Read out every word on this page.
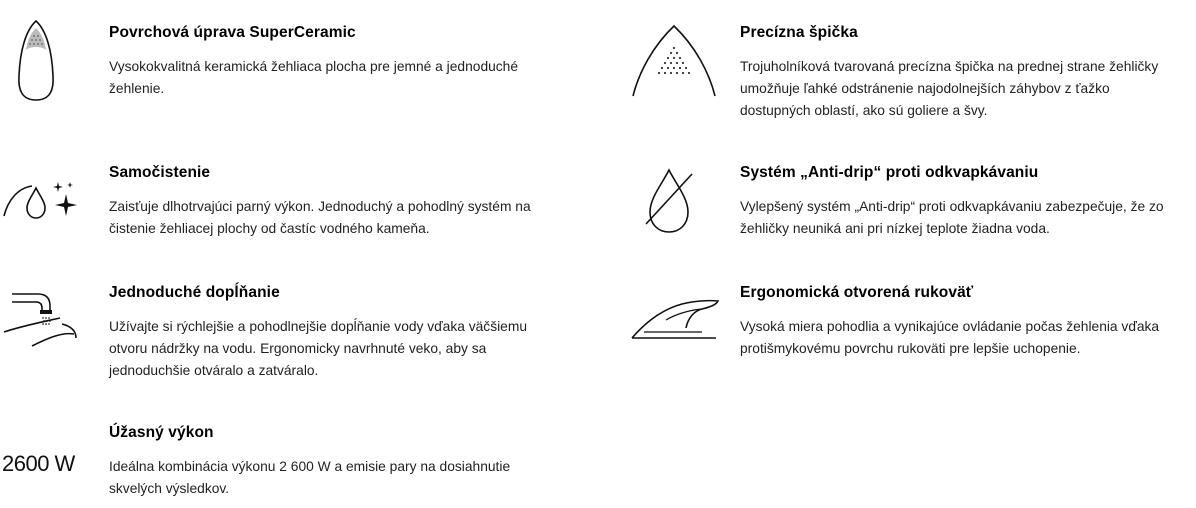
Povrchová úprava SuperCeramic
Vysokokvalitná keramická žehliaca plocha pre jemné a jednoduché
žehlenie.
Precízna špička
Trojuholníková tvarovaná precízna špička na prednej strane žehličky
umožňuje ľahké odstránenie najodolnejších záhybov z ťažko
dostupných oblastí, ako sú goliere a švy.
Samočistenie
Zaisťuje dlhotrvajúci parný výkon. Jednoduchý a pohodlný systém na
čistenie žehliacej plochy od častíc vodného kameňa.
Systém „Anti-drip“ proti odkvapkávaniu
Vylepšený systém „Anti-drip“ proti odkvapkávaniu zabezpečuje, že zo
žehličky neuniká ani pri nízkej teplote žiadna voda.
Jednoduché dopĺňanie
Užívajte si rýchlejšie a pohodlnejšie dopĺňanie vody vďaka väčšiemu
otvoru nádržky na vodu. Ergonomicky navrhnuté veko, aby sa
jednoduchšie otváralo a zatváralo.
Ergonomická otvorená rukoväť
Vysoká miera pohodlia a vynikajúce ovládanie počas žehlenia vďaka
protišmykovému povrchu rukoväti pre lepšie uchopenie.
2600 W
Úžasný výkon
Ideálna kombinácia výkonu 2 600 W a emisie pary na dosiahnutie
skvelých výsledkov.
